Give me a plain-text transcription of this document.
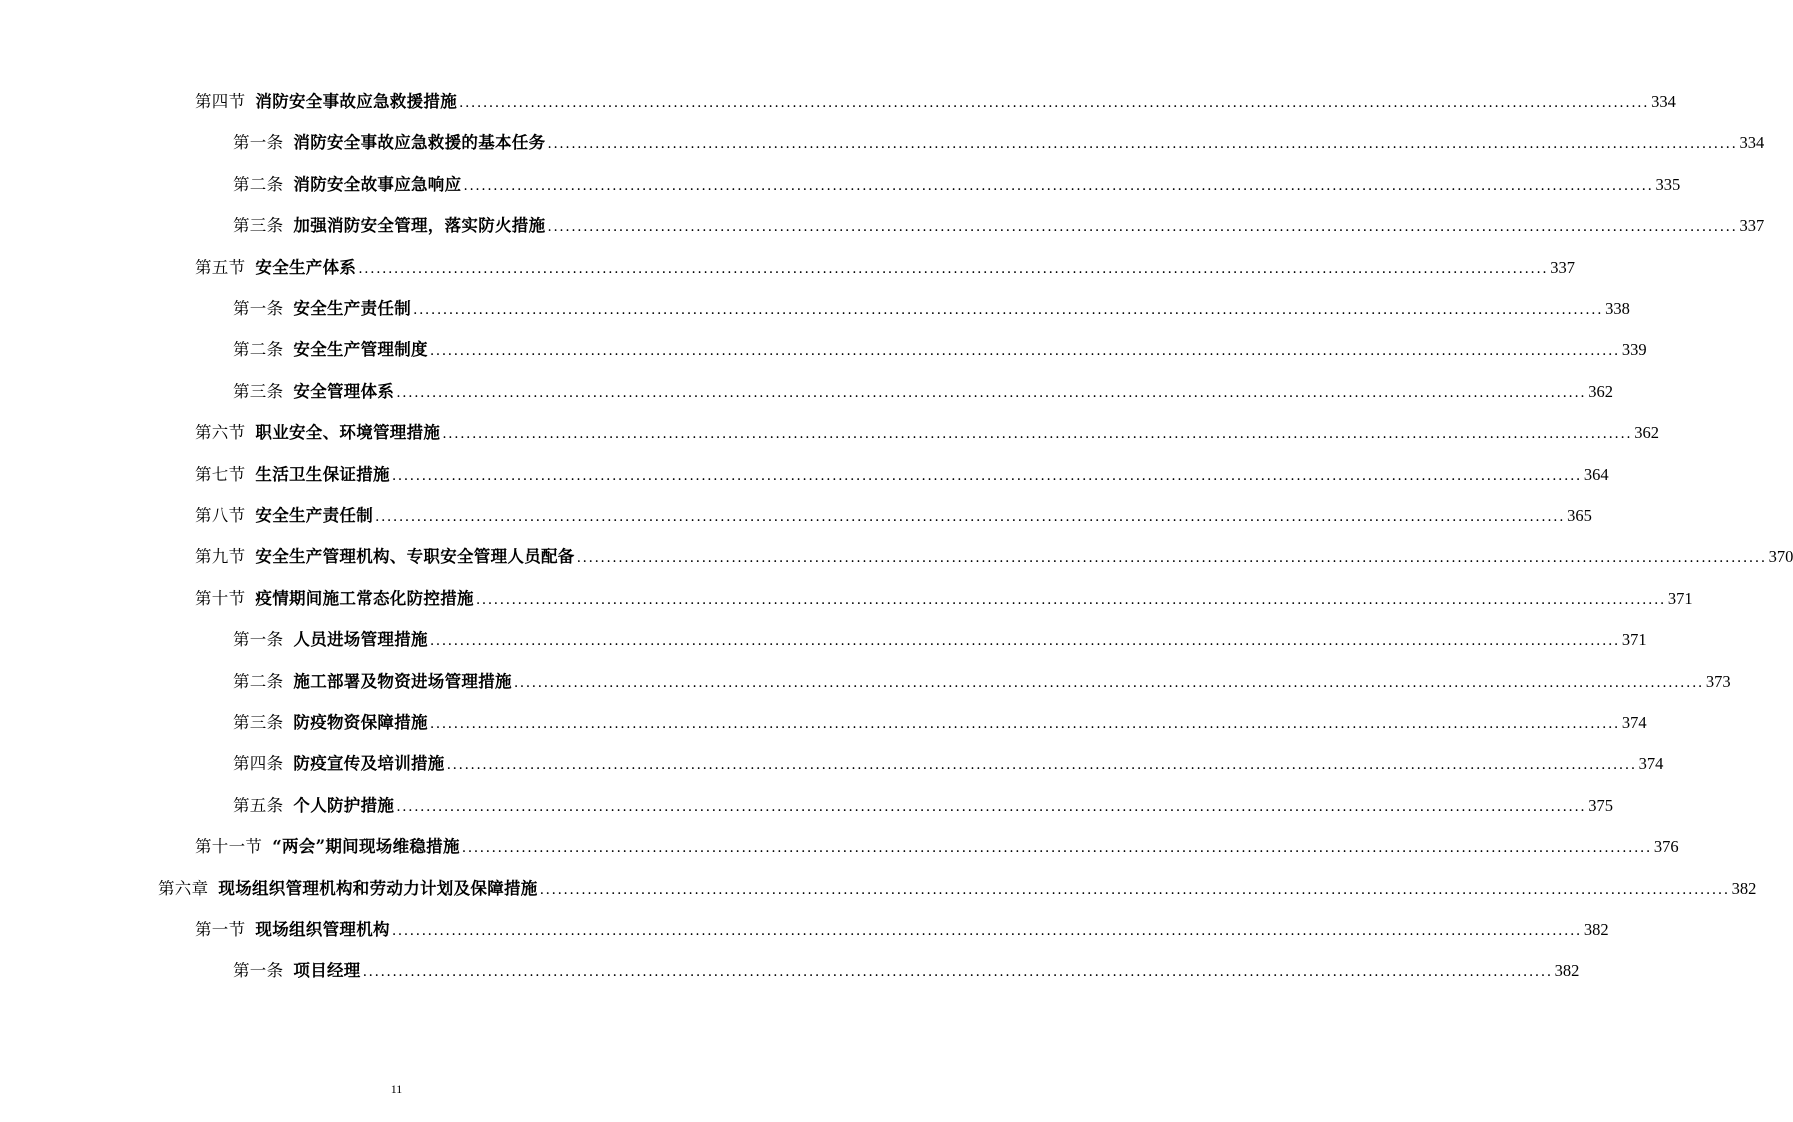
第四节 消防安全事故应急救援措施 ........................................................................................................................................................................................................ 334
第一条 消防安全事故应急救援的基本任务 ........................................................................................................................................................................................................ 334
第二条 消防安全故事应急响应 ........................................................................................................................................................................................................ 335
第三条 加强消防安全管理，落实防火措施 ........................................................................................................................................................................................................ 337
第五节 安全生产体系 ........................................................................................................................................................................................................ 337
第一条 安全生产责任制 ........................................................................................................................................................................................................ 338
第二条 安全生产管理制度 ........................................................................................................................................................................................................ 339
第三条 安全管理体系 ........................................................................................................................................................................................................ 362
第六节 职业安全、环境管理措施 ........................................................................................................................................................................................................ 362
第七节 生活卫生保证措施 ........................................................................................................................................................................................................ 364
第八节 安全生产责任制 ........................................................................................................................................................................................................ 365
第九节 安全生产管理机构、专职安全管理人员配备 ........................................................................................................................................................................................................ 370
第十节 疫情期间施工常态化防控措施 ........................................................................................................................................................................................................ 371
第一条 人员进场管理措施 ........................................................................................................................................................................................................ 371
第二条 施工部署及物资进场管理措施 ........................................................................................................................................................................................................ 373
第三条 防疫物资保障措施 ........................................................................................................................................................................................................ 374
第四条 防疫宣传及培训措施 ........................................................................................................................................................................................................ 374
第五条 个人防护措施 ........................................................................................................................................................................................................ 375
第十一节 “两会”期间现场维稳措施 ........................................................................................................................................................................................................ 376
第六章 现场组织管理机构和劳动力计划及保障措施 ........................................................................................................................................................................................................ 382
第一节 现场组织管理机构 ........................................................................................................................................................................................................ 382
第一条 项目经理 ........................................................................................................................................................................................................ 382
11
